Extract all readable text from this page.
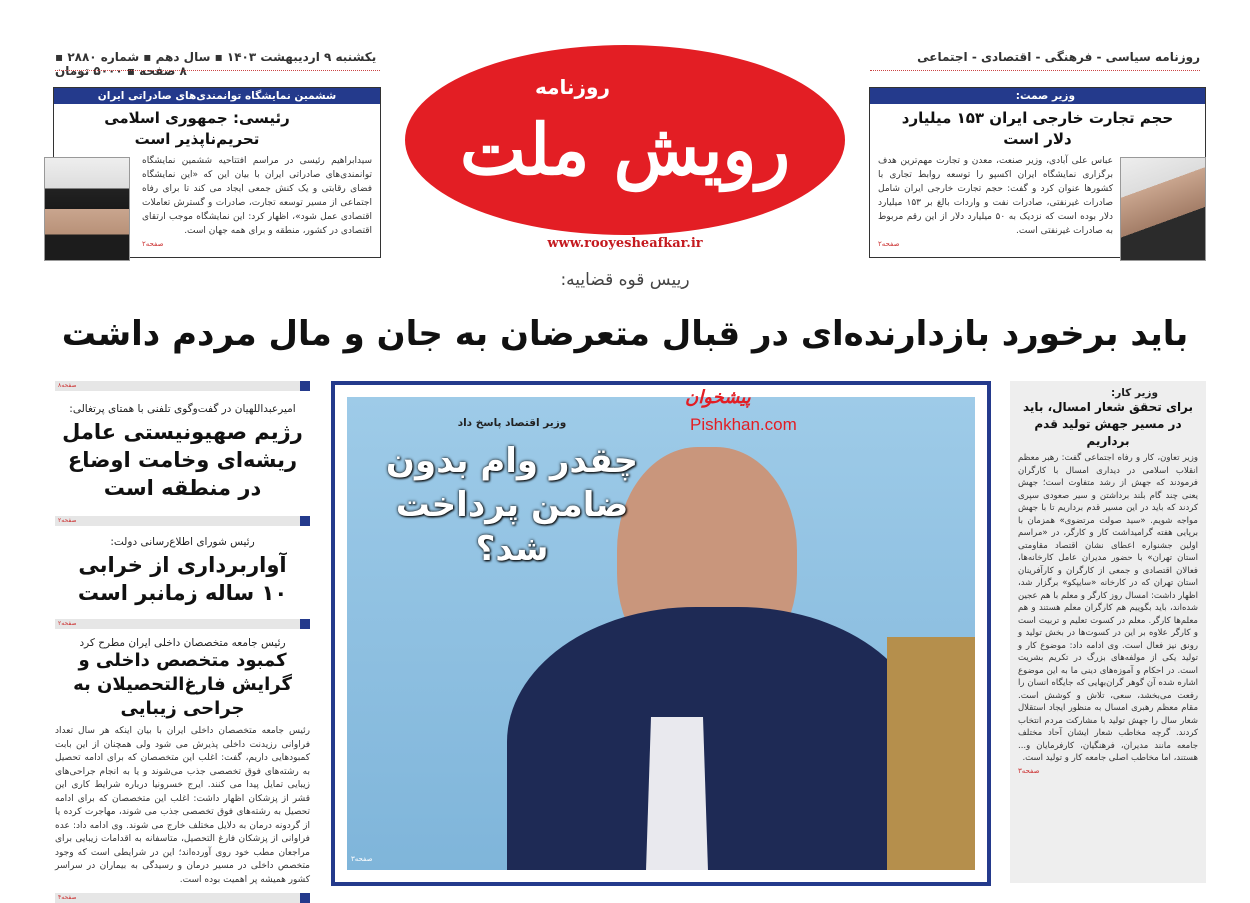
یکشنبه ۹ اردیبهشت ۱۴۰۳ ▪ سال دهم ▪ شماره ۲۸۸۰ ▪ ۸ صفحه ▪ ۵۰۰۰ تومان
روزنامه سیاسی - فرهنگی - اقتصادی - اجتماعی
روزنامه
رویش ملت
www.rooyesheafkar.ir
ششمین نمایشگاه توانمندی‌های صادراتی ایران
رئیسی: جمهوری اسلامی تحریم‌ناپذیر است
سیدابراهیم رئیسی در مراسم افتتاحیه ششمین نمایشگاه توانمندی‌های صادراتی ایران با بیان این که «این نمایشگاه فضای رقابتی و یک کنش جمعی ایجاد می کند تا برای رفاه اجتماعی از مسیر توسعه تجارت، صادرات و گسترش تعاملات اقتصادی عمل شود»، اظهار کرد: این نمایشگاه موجب ارتقای اقتصادی در کشور، منطقه و برای همه جهان است.
صفحه۲
وزیر صمت:
حجم تجارت خارجی ایران ۱۵۳ میلیارد دلار است
عباس علی آبادی، وزیر صنعت، معدن و تجارت مهم‌ترین هدف برگزاری نمایشگاه ایران اکسپو را توسعه روابط تجاری با کشورها عنوان کرد و گفت: حجم تجارت خارجی ایران شامل صادرات غیرنفتی، صادرات نفت و واردات بالغ بر ۱۵۳ میلیارد دلار بوده است که نزدیک به ۵۰ میلیارد دلار از این رقم مربوط به صادرات غیرنفتی است.
صفحه۲
رییس قوه قضاییه:
باید برخورد بازدارنده‌ای در قبال متعرضان به جان و مال مردم داشت
صفحه۸
امیرعبداللهیان در گفت‌وگوی تلفنی با همتای پرتغالی:
رژیم صهیونیستی عامل ریشه‌ای وخامت اوضاع در منطقه است
صفحه۲
رئیس شورای اطلاع‌رسانی دولت:
آواربرداری از خرابی ۱۰ ساله زمانبر است
صفحه۲
رئیس جامعه متخصصان داخلی ایران مطرح کرد
کمبود متخصص داخلی و گرایش فارغ‌التحصیلان به جراحی زیبایی
رئیس جامعه متخصصان داخلی ایران با بیان اینکه هر سال تعداد فراوانی رزیدنت داخلی پذیرش می شود ولی همچنان از این بابت کمبودهایی داریم، گفت: اغلب این متخصصان که برای ادامه تحصیل به رشته‌های فوق تخصصی جذب می‌شوند و یا به انجام جراحی‌های زیبایی تمایل پیدا می کنند. ایرج خسرونیا درباره شرایط کاری این قشر از پزشکان اظهار داشت: اغلب این متخصصان که برای ادامه تحصیل به رشته‌های فوق تخصصی جذب می شوند، مهاجرت کرده یا از گردونه درمان به دلایل مختلف خارج می شوند. وی ادامه داد: عده فراوانی از پزشکان فارغ التحصیل، متاسفانه به اقدامات زیبایی برای مراجعان مطب خود روی آورده‌اند؛ این در شرایطی است که وجود متخصص داخلی در مسیر درمان و رسیدگی به بیماران در سراسر کشور همیشه پر اهمیت بوده است.
صفحه۴
وزیر اقتصاد پاسخ داد
چقدر وام بدون ضامن پرداخت شد؟
صفحه۳
پیشخوان
Pishkhan.com
وزیر کار:
برای تحقق شعار امسال، باید در مسیر جهش تولید قدم برداریم
وزیر تعاون، کار و رفاه اجتماعی گفت: رهبر معظم انقلاب اسلامی در دیداری امسال با کارگران فرمودند که جهش از رشد متفاوت است؛ جهش یعنی چند گام بلند برداشتن و سیر صعودی سپری کردند که باید در این مسیر قدم برداریم تا با جهش مواجه شویم. «سید صولت مرتضوی» همزمان با برپایی هفته گرامیداشت کار و کارگر، در «مراسم اولین جشنواره اعطای نشان اقتصاد مقاومتی استان تهران» با حضور مدیران عامل کارخانه‌ها، فعالان اقتصادی و جمعی از کارگران و کارآفرینان استان تهران که در کارخانه «سایپکو» برگزار شد، اظهار داشت: امسال روز کارگر و معلم با هم عجین شده‌اند، باید بگوییم هم کارگران معلم هستند و هم معلم‌ها کارگر. معلم در کسوت تعلیم و تربیت است و کارگر علاوه بر این در کسوت‌ها در بخش تولید و رونق نیز فعال است. وی ادامه داد: موضوع کار و تولید یکی از مولفه‌های بزرگ در تکریم بشریت است. در احکام و آموزه‌های دینی ما به این موضوع اشاره شده آن گوهر گران‌بهایی که جایگاه انسان را رفعت می‌بخشد، سعی، تلاش و کوشش است. مقام معظم رهبری امسال به منظور ایجاد استقلال شعار سال را جهش تولید با مشارکت مردم انتخاب کردند. گرچه مخاطب شعار ایشان آحاد مختلف جامعه مانند مدیران، فرهنگیان، کارفرمایان و... هستند، اما مخاطب اصلی جامعه کار و تولید است.
صفحه۳
